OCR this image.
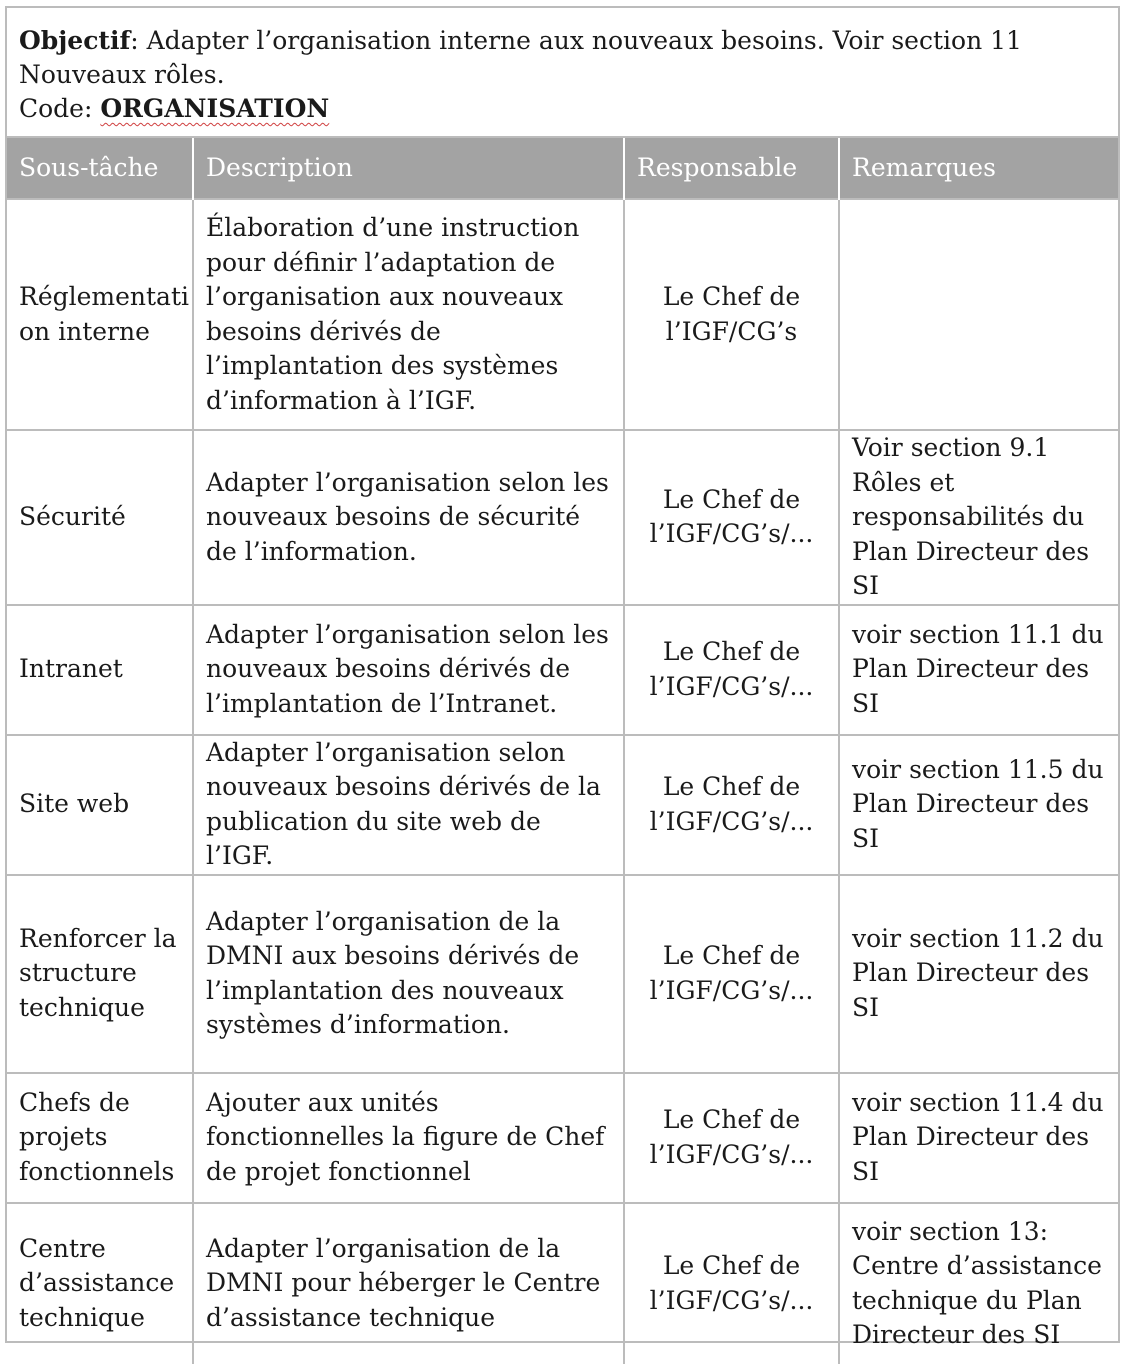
Objectif: Adapter l’organisation interne aux nouveaux besoins. Voir section 11 Nouveaux rôles.
Code: ORGANISATION
Sous-tâche	Description	Responsable	Remarques
Réglementati on interne	Élaboration d’une instruction pour définir l’adaptation de l’organisation aux nouveaux besoins dérivés de l’implantation des systèmes d’information à l’IGF.	Le Chef de l’IGF/CG’s	
Sécurité	Adapter l’organisation selon les nouveaux besoins de sécurité de l’information.	Le Chef de l’IGF/CG’s/...	Voir section 9.1 Rôles et responsabilités du Plan Directeur des SI
Intranet	Adapter l’organisation selon les nouveaux besoins dérivés de l’implantation de l’Intranet.	Le Chef de l’IGF/CG’s/...	voir section 11.1 du Plan Directeur des SI
Site web	Adapter l’organisation selon nouveaux besoins dérivés de la publication du site web de l’IGF.	Le Chef de l’IGF/CG’s/...	voir section 11.5 du Plan Directeur des SI
Renforcer la structure technique	Adapter l’organisation de la DMNI aux besoins dérivés de l’implantation des nouveaux systèmes d’information.	Le Chef de l’IGF/CG’s/...	voir section 11.2 du Plan Directeur des SI
Chefs de projets fonctionnels	Ajouter aux unités fonctionnelles la figure de Chef de projet fonctionnel	Le Chef de l’IGF/CG’s/...	voir section 11.4 du Plan Directeur des SI
Centre d’assistance technique	Adapter l’organisation de la DMNI pour héberger le Centre d’assistance technique	Le Chef de l’IGF/CG’s/...	voir section 13: Centre d’assistance technique du Plan Directeur des SI
